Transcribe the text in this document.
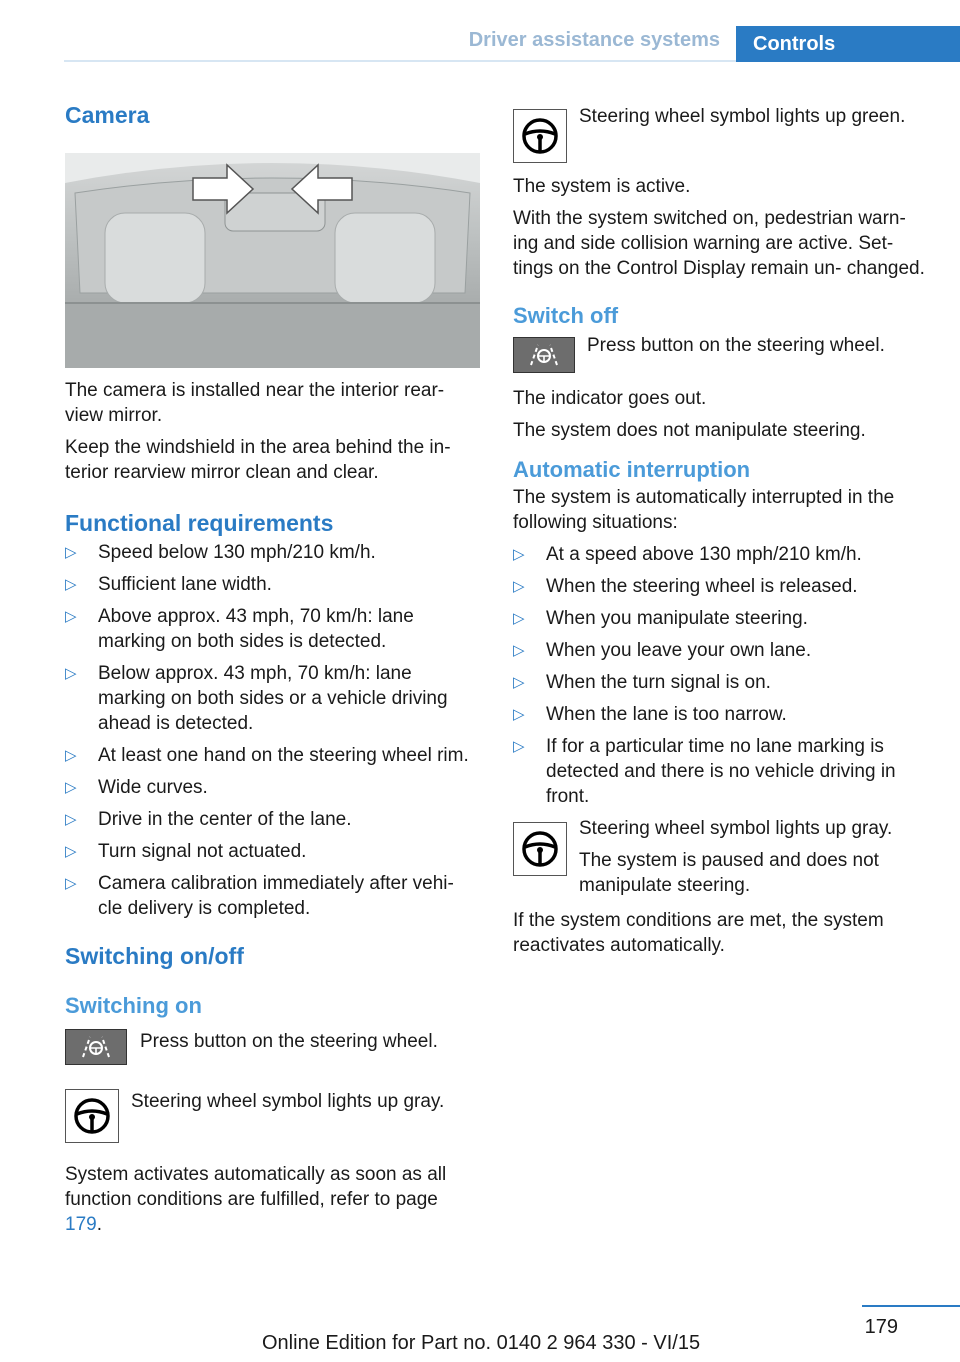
Driver assistance systems	Controls
Camera

The camera is installed near the interior rear‐ view mirror.

Keep the windshield in the area behind the in‐ terior rearview mirror clean and clear.

Functional requirements
▷ Speed below 130 mph/210 km/h.
▷ Sufficient lane width.
▷ Above approx. 43 mph, 70 km/h: lane marking on both sides is detected.
▷ Below approx. 43 mph, 70 km/h: lane marking on both sides or a vehicle driving ahead is detected.
▷ At least one hand on the steering wheel rim.
▷ Wide curves.
▷ Drive in the center of the lane.
▷ Turn signal not actuated.
▷ Camera calibration immediately after vehi‐ cle delivery is completed.
Switching on/off
Switching on
Press button on the steering wheel.
Steering wheel symbol lights up gray.

System activates automatically as soon as all function conditions are fulfilled, refer to page 179.

Steering wheel symbol lights up green.

The system is active.

With the system switched on, pedestrian warn‐ ing and side collision warning are active. Set‐ tings on the Control Display remain un‐ changed.

Switch off
Press button on the steering wheel.

The indicator goes out.

The system does not manipulate steering.

Automatic interruption

The system is automatically interrupted in the following situations:

▷ At a speed above 130 mph/210 km/h.
▷ When the steering wheel is released.
▷ When you manipulate steering.
▷ When you leave your own lane.
▷ When the turn signal is on.
▷ When the lane is too narrow.
▷ If for a particular time no lane marking is detected and there is no vehicle driving in front.

Steering wheel symbol lights up gray.

The system is paused and does not manipulate steering.

If the system conditions are met, the system reactivates automatically.

179
Online Edition for Part no. 0140 2 964 330 - VI/15
